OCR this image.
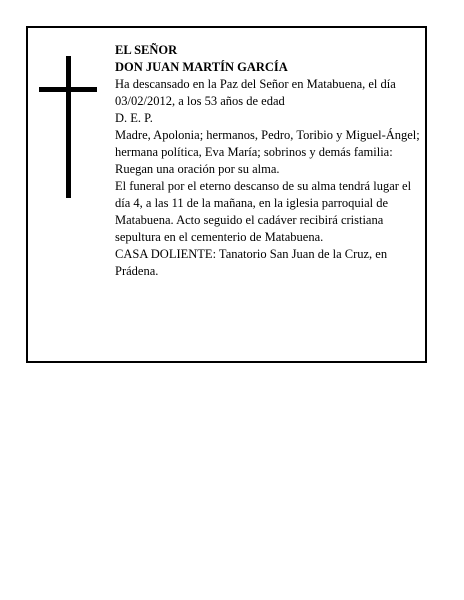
EL SEÑOR

DON JUAN MARTÍN GARCÍA

Ha descansado en la Paz del Señor en Matabuena, el día 03/02/2012, a los 53 años de edad

D. E. P.

Madre, Apolonia; hermanos, Pedro, Toribio y Miguel-Ángel; hermana política, Eva María; sobrinos y demás familia:

Ruegan una oración por su alma.

El funeral por el eterno descanso de su alma tendrá lugar el día 4, a las 11 de la mañana, en la iglesia parroquial de Matabuena. Acto seguido el cadáver recibirá cristiana sepultura en el cementerio de Matabuena.

CASA DOLIENTE: Tanatorio San Juan de la Cruz, en Prádena.
